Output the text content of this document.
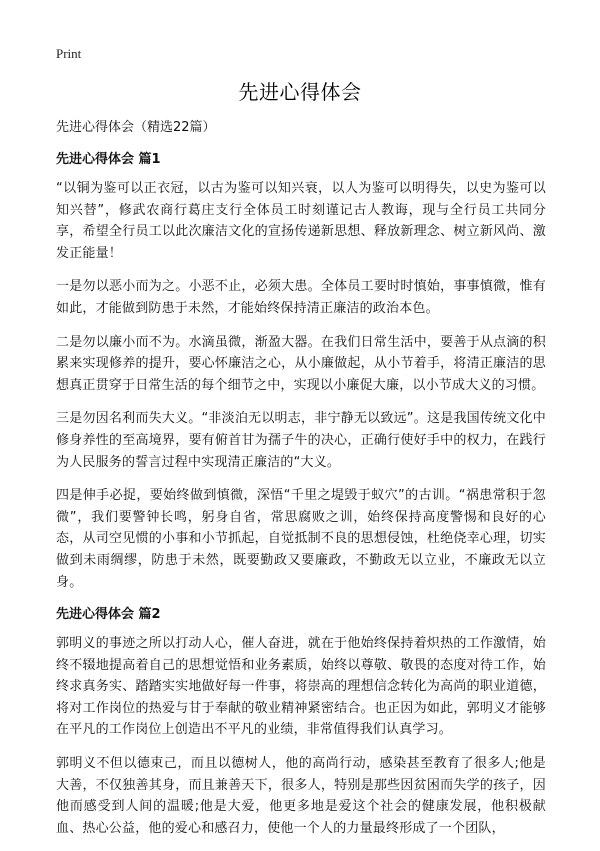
Print
先进心得体会

先进心得体会（精选22篇）

先进心得体会 篇1

“以铜为鉴可以正衣冠，以古为鉴可以知兴衰，以人为鉴可以明得失，以史为鉴可以知兴替”，修武农商行葛庄支行全体员工时刻谨记古人教诲，现与全行员工共同分享，希望全行员工以此次廉洁文化的宣扬传递新思想、释放新理念、树立新风尚、激发正能量！

一是勿以恶小而为之。小恶不止，必须大患。全体员工要时时慎始，事事慎微，惟有如此，才能做到防患于未然，才能始终保持清正廉洁的政治本色。

二是勿以廉小而不为。水滴虽微，渐盈大器。在我们日常生活中，要善于从点滴的积累来实现修养的提升，要心怀廉洁之心，从小廉做起，从小节着手，将清正廉洁的思想真正贯穿于日常生活的每个细节之中，实现以小廉促大廉，以小节成大义的习惯。

三是勿因名利而失大义。“非淡泊无以明志，非宁静无以致远”。这是我国传统文化中修身养性的至高境界，要有俯首甘为孺子牛的决心，正确行使好手中的权力，在践行为人民服务的誓言过程中实现清正廉洁的“大义。

四是伸手必捉，要始终做到慎微，深悟“千里之堤毁于蚁穴”的古训。“祸患常积于忽微”，我们要警钟长鸣，躬身自省，常思腐败之训，始终保持高度警惕和良好的心态，从司空见惯的小事和小节抓起，自觉抵制不良的思想侵蚀，杜绝侥幸心理，切实做到未雨绸缪，防患于未然，既要勤政又要廉政，不勤政无以立业，不廉政无以立身。

先进心得体会 篇2

郭明义的事迹之所以打动人心，催人奋进，就在于他始终保持着炽热的工作激情，始终不辍地提高着自己的思想觉悟和业务素质，始终以尊敬、敬畏的态度对待工作，始终求真务实、踏踏实实地做好每一件事，将崇高的理想信念转化为高尚的职业道德，将对工作岗位的热爱与甘于奉献的敬业精神紧密结合。也正因为如此，郭明义才能够在平凡的工作岗位上创造出不平凡的业绩，非常值得我们认真学习。

郭明义不但以德束己，而且以德树人，他的高尚行动，感染甚至教育了很多人;他是大善，不仅独善其身，而且兼善天下，很多人，特别是那些因贫困而失学的孩子，因他而感受到人间的温暖;他是大爱，他更多地是爱这个社会的健康发展，他积极献血、热心公益，他的爱心和感召力，使他一个人的力量最终形成了一个团队，
